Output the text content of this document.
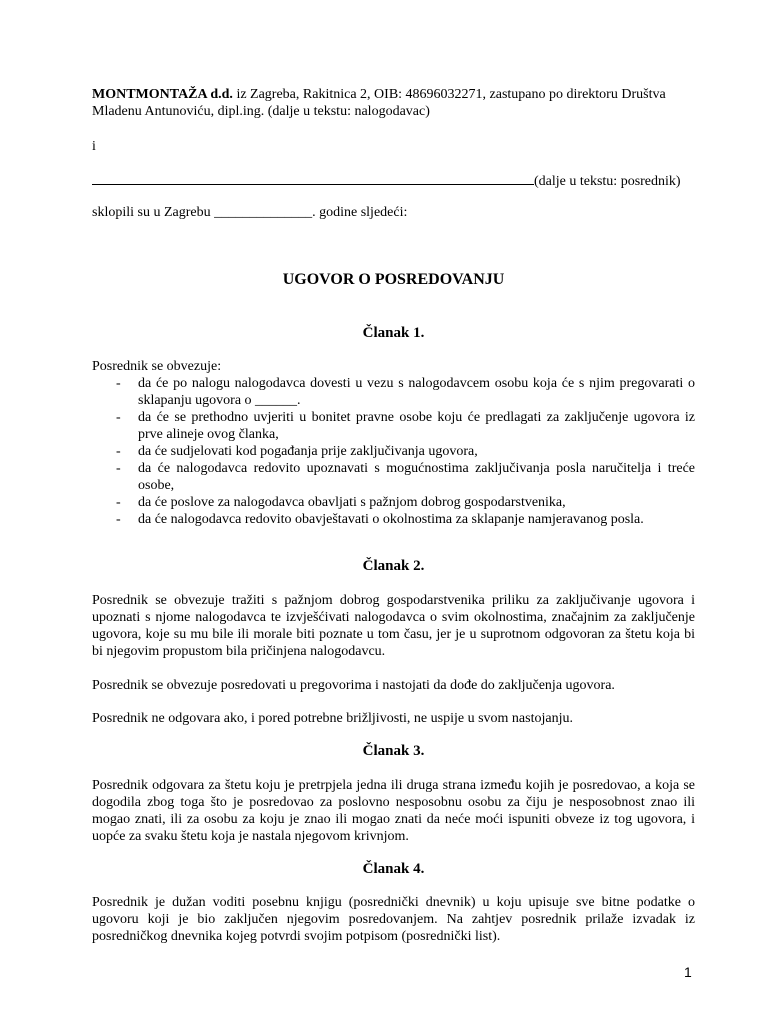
MONTMONTAŽA d.d. iz Zagreba, Rakitnica 2, OIB: 48696032271, zastupano po direktoru Društva Mladenu Antunoviću, dipl.ing. (dalje u tekstu: nalogodavac)
i
(dalje u tekstu: posrednik)
sklopili su u Zagrebu ______________. godine sljedeći:
UGOVOR O POSREDOVANJU
Članak 1.
Posrednik se obvezuje:
- da će po nalogu nalogodavca dovesti u vezu s nalogodavcem osobu koja će s njim pregovarati o sklapanju ugovora o ______.
- da će se prethodno uvjeriti u bonitet pravne osobe koju će predlagati za zaključenje ugovora iz prve alineje ovog članka,
- da će sudjelovati kod pogađanja prije zaključivanja ugovora,
- da će nalogodavca redovito upoznavati s mogućnostima zaključivanja posla naručitelja i treće osobe,
- da će poslove za nalogodavca obavljati s pažnjom dobrog gospodarstvenika,
- da će nalogodavca redovito obavještavati o okolnostima za sklapanje namjeravanog posla.
Članak 2.
Posrednik se obvezuje tražiti s pažnjom dobrog gospodarstvenika priliku za zaključivanje ugovora i upoznati s njome nalogodavca te izvješćivati nalogodavca o svim okolnostima, značajnim za zaključenje ugovora, koje su mu bile ili morale biti poznate u tom času, jer je u suprotnom odgovoran za štetu koja bi bi njegovim propustom bila pričinjena nalogodavcu.
Posrednik se obvezuje posredovati u pregovorima i nastojati da dođe do zaključenja ugovora.
Posrednik ne odgovara ako, i pored potrebne brižljivosti, ne uspije u svom nastojanju.
Članak 3.
Posrednik odgovara za štetu koju je pretrpjela jedna ili druga strana između kojih je posredovao, a koja se dogodila zbog toga što je posredovao za poslovno nesposobnu osobu za čiju je nesposobnost znao ili mogao znati, ili za osobu za koju je znao ili mogao znati da neće moći ispuniti obveze iz tog ugovora, i uopće za svaku štetu koja je nastala njegovom krivnjom.
Članak 4.
Posrednik je dužan voditi posebnu knjigu (posrednički dnevnik) u koju upisuje sve bitne podatke o ugovoru koji je bio zaključen njegovim posredovanjem. Na zahtjev posrednik prilaže izvadak iz posredničkog dnevnika kojeg potvrdi svojim potpisom (posrednički list).
1
